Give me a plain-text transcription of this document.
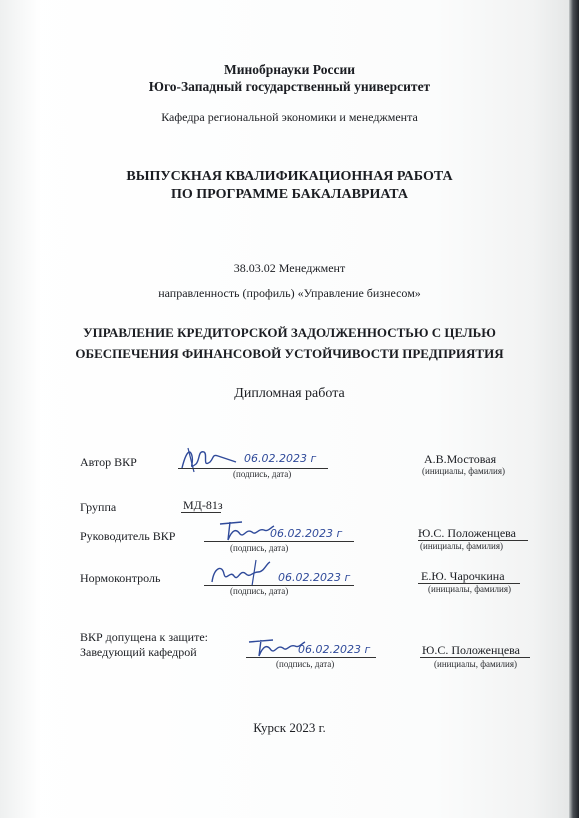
Минобрнауки России
Юго-Западный государственный университет
Кафедра региональной экономики и менеджмента
ВЫПУСКНАЯ КВАЛИФИКАЦИОННАЯ РАБОТА
ПО ПРОГРАММЕ БАКАЛАВРИАТА
38.03.02 Менеджмент
направленность (профиль) «Управление бизнесом»
УПРАВЛЕНИЕ КРЕДИТОРСКОЙ ЗАДОЛЖЕННОСТЬЮ С ЦЕЛЬЮ
ОБЕСПЕЧЕНИЯ ФИНАНСОВОЙ УСТОЙЧИВОСТИ ПРЕДПРИЯТИЯ
Дипломная работа
Автор ВКР	06.02.2023 г
(подпись, дата)
А.В.Мостовая
(инициалы, фамилия)
Группа	МД-81з
Руководитель ВКР	06.02.2023 г
(подпись, дата)
Ю.С. Положенцева
(инициалы, фамилия)
Нормоконтроль	06.02.2023 г
(подпись, дата)
Е.Ю. Чарочкина
(инициалы, фамилия)
ВКР допущена к защите:
Заведующий кафедрой	06.02.2023 г
(подпись, дата)
Ю.С. Положенцева
(инициалы, фамилия)
Курск 2023 г.
